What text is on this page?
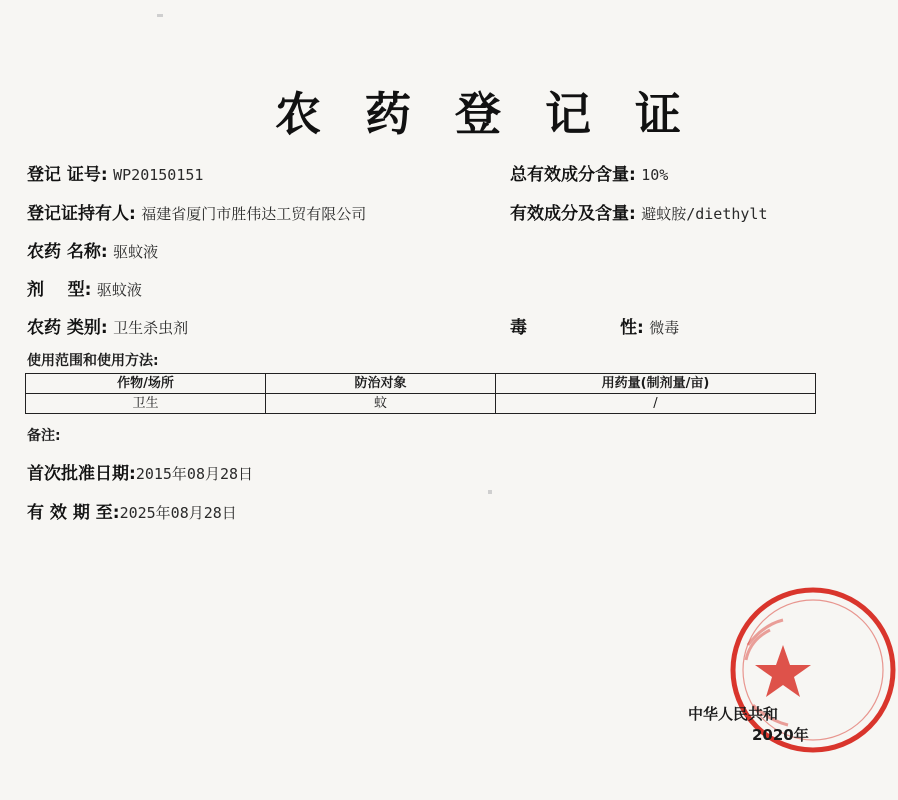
农 药 登 记 证
登记 证号: WP20150151
登记证持有人: 福建省厦门市胜伟达工贸有限公司
农药 名称: 驱蚊液
剂    型: 驱蚊液
农药 类别: 卫生杀虫剂
总有效成分含量: 10%
有效成分及含量: 避蚊胺/diethylt
毒	性: 微毒
使用范围和使用方法:
作物/场所	防治对象	用药量(制剂量/亩)
卫生	蚊	/
备注:
首次批准日期:2015年08月28日
有 效 期 至:2025年08月28日
中华人民共和
2020年
